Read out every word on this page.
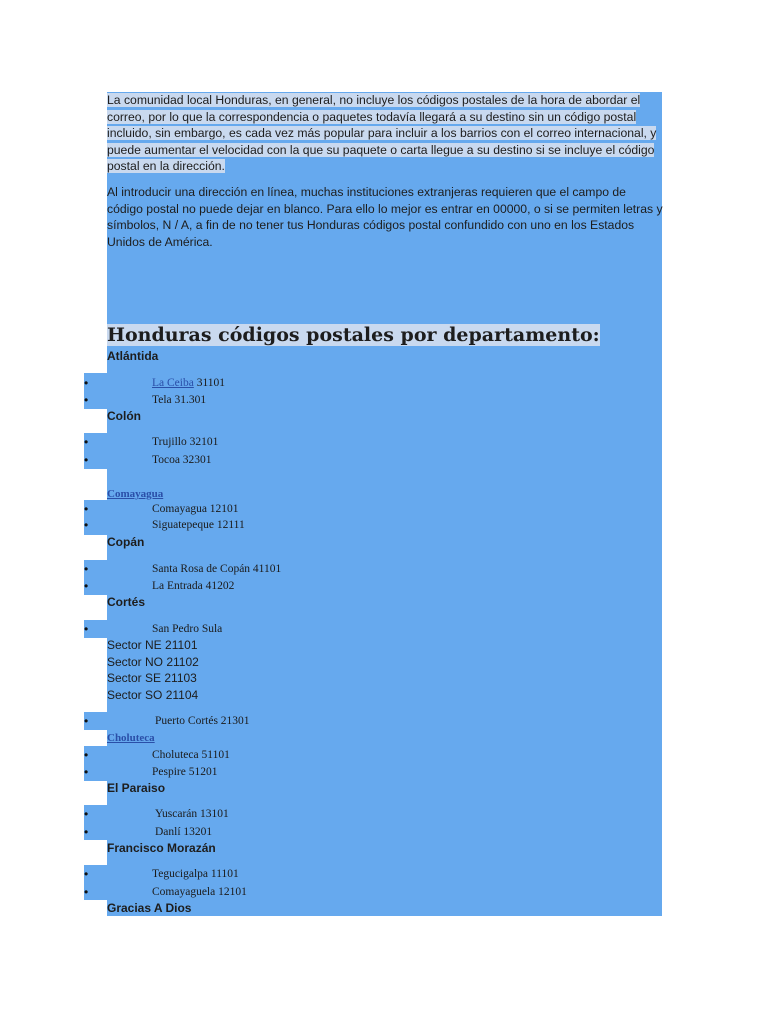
La comunidad local Honduras, en general, no incluye los códigos postales de la hora de abordar el correo, por lo que la correspondencia o paquetes todavía llegará a su destino sin un código postal incluido, sin embargo, es cada vez más popular para incluir a los barrios con el correo internacional, y puede aumentar el velocidad con la que su paquete o carta llegue a su destino si se incluye el código postal en la dirección.

Al introducir una dirección en línea, muchas instituciones extranjeras requieren que el campo de código postal no puede dejar en blanco. Para ello lo mejor es entrar en 00000, o si se permiten letras y símbolos, N / A, a fin de no tener tus Honduras códigos postal confundido con uno en los Estados Unidos de América.

Honduras códigos postales por departamento:
Atlántida
•	La Ceiba 31101
•	Tela 31.301
Colón
•	Trujillo 32101
•	Tocoa 32301
Comayagua
•	Comayagua 12101
•	Siguatepeque 12111
Copán
•	Santa Rosa de Copán 41101
•	La Entrada 41202
Cortés
•	San Pedro Sula

Sector NE 21101
Sector NO 21102
Sector SE 21103
Sector SO 21104

•	Puerto Cortés 21301
Choluteca
•	Choluteca 51101
•	Pespire 51201
El Paraiso
•	Yuscarán 13101
•	Danlí 13201
Francisco Morazán
•	Tegucigalpa 11101
•	Comayaguela 12101
Gracias A Dios
